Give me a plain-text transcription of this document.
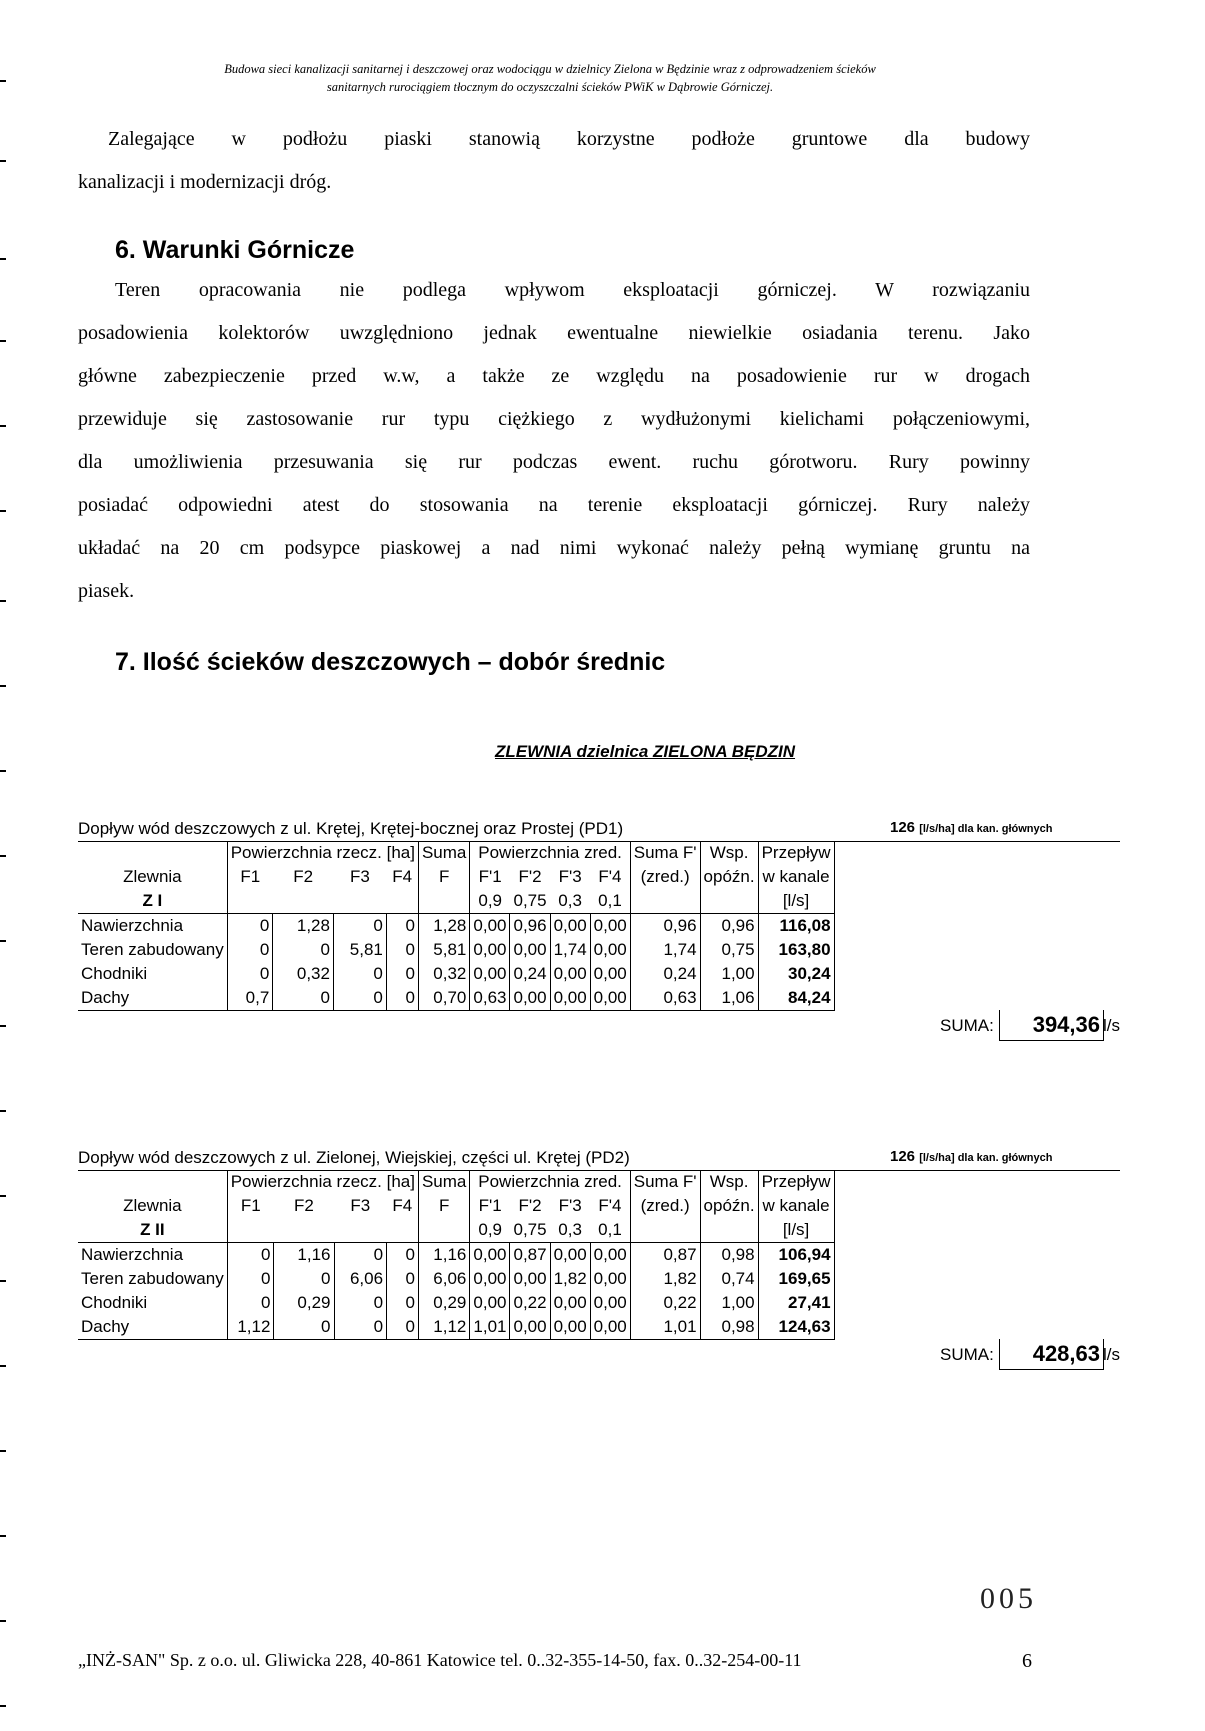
Budowa sieci kanalizacji sanitarnej i deszczowej oraz wodociągu w dzielnicy Zielona w Będzinie wraz z odprowadzeniem ścieków
sanitarnych rurociągiem tłocznym do oczyszczalni ścieków PWiK w Dąbrowie Górniczej.
Zalegające w podłożu piaski stanowią korzystne podłoże gruntowe dla budowy
kanalizacji i modernizacji dróg.
6. Warunki Górnicze
Teren opracowania nie podlega wpływom eksploatacji górniczej. W rozwiązaniu
posadowienia kolektorów uwzględniono jednak ewentualne niewielkie osiadania terenu. Jako
główne zabezpieczenie przed w.w, a także ze względu na posadowienie rur w drogach
przewiduje się zastosowanie rur typu ciężkiego z wydłużonymi kielichami połączeniowymi,
dla umożliwienia przesuwania się rur podczas ewent. ruchu górotworu. Rury powinny
posiadać odpowiedni atest do stosowania na terenie eksploatacji górniczej. Rury należy
układać na 20 cm podsypce piaskowej a nad nimi wykonać należy pełną wymianę gruntu na
piasek.
7. Ilość ścieków deszczowych – dobór średnic
ZLEWNIA dzielnica ZIELONA BĘDZIN
Dopływ wód deszczowych z ul. Krętej, Krętej-bocznej oraz Prostej (PD1)	126 [l/s/ha] dla kan. głównych
	Powierzchnia rzecz. [ha]				Suma	Powierzchnia zred.				Suma F'	Wsp.	Przepływ
Zlewnia	F1	F2	F3	F4	F	F'1	F'2	F'3	F'4	(zred.)	opóźn.	w kanale
Z I						0,9	0,75	0,3	0,1			[l/s]
Nawierzchnia	0	1,28	0	0	1,28	0,00	0,96	0,00	0,00	0,96	0,96	116,08
Teren zabudowany	0	0	5,81	0	5,81	0,00	0,00	1,74	0,00	1,74	0,75	163,80
Chodniki	0	0,32	0	0	0,32	0,00	0,24	0,00	0,00	0,24	1,00	30,24
Dachy	0,7	0	0	0	0,70	0,63	0,00	0,00	0,00	0,63	1,06	84,24
SUMA:	394,36 l/s
Dopływ wód deszczowych z ul. Zielonej, Wiejskiej, części ul. Krętej (PD2)	126 [l/s/ha] dla kan. głównych
	Powierzchnia rzecz. [ha]				Suma	Powierzchnia zred.				Suma F'	Wsp.	Przepływ
Zlewnia	F1	F2	F3	F4	F	F'1	F'2	F'3	F'4	(zred.)	opóźn.	w kanale
Z II						0,9	0,75	0,3	0,1			[l/s]
Nawierzchnia	0	1,16	0	0	1,16	0,00	0,87	0,00	0,00	0,87	0,98	106,94
Teren zabudowany	0	0	6,06	0	6,06	0,00	0,00	1,82	0,00	1,82	0,74	169,65
Chodniki	0	0,29	0	0	0,29	0,00	0,22	0,00	0,00	0,22	1,00	27,41
Dachy	1,12	0	0	0	1,12	1,01	0,00	0,00	0,00	1,01	0,98	124,63
SUMA:	428,63 l/s
005
„INŻ-SAN" Sp. z o.o. ul. Gliwicka 228, 40-861 Katowice tel. 0..32-355-14-50, fax. 0..32-254-00-11	6
